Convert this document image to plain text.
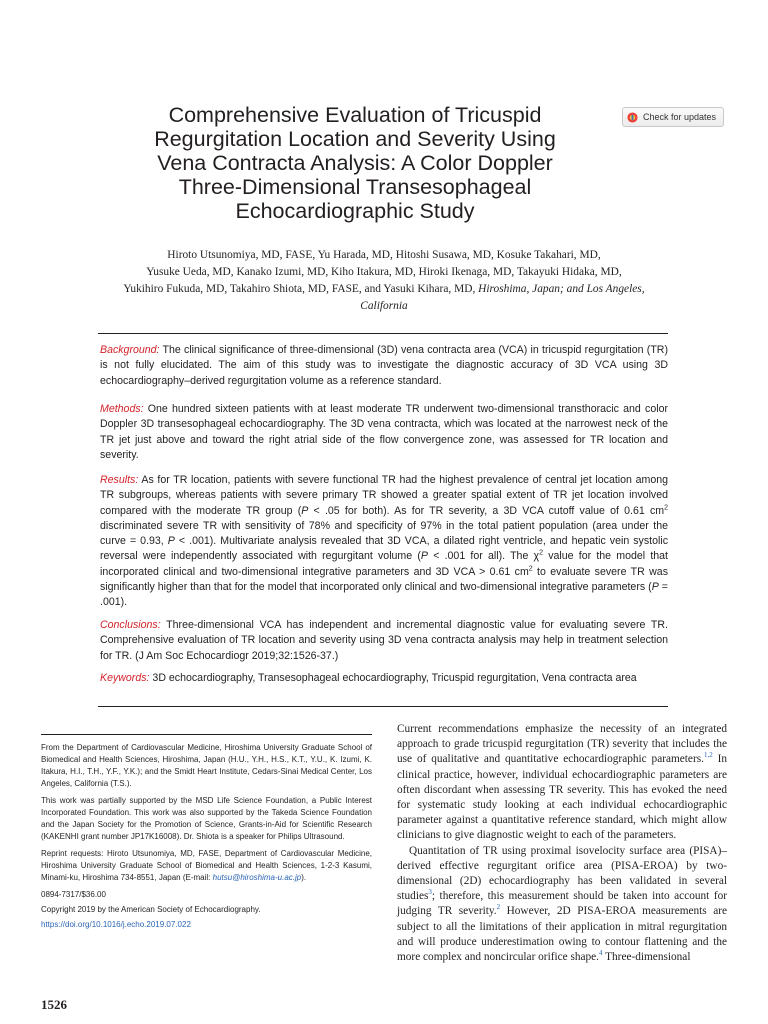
Comprehensive Evaluation of Tricuspid
Regurgitation Location and Severity Using
Vena Contracta Analysis: A Color Doppler
Three-Dimensional Transesophageal
Echocardiographic Study
Check for updates
Hiroto Utsunomiya, MD, FASE, Yu Harada, MD, Hitoshi Susawa, MD, Kosuke Takahari, MD,
Yusuke Ueda, MD, Kanako Izumi, MD, Kiho Itakura, MD, Hiroki Ikenaga, MD, Takayuki Hidaka, MD,
Yukihiro Fukuda, MD, Takahiro Shiota, MD, FASE, and Yasuki Kihara, MD, Hiroshima, Japan; and Los Angeles,
California

Background: The clinical significance of three-dimensional (3D) vena contracta area (VCA) in tricuspid regurgitation (TR) is not fully elucidated. The aim of this study was to investigate the diagnostic accuracy of 3D VCA using 3D echocardiography–derived regurgitation volume as a reference standard.

Methods: One hundred sixteen patients with at least moderate TR underwent two-dimensional transthoracic and color Doppler 3D transesophageal echocardiography. The 3D vena contracta, which was located at the narrowest neck of the TR jet just above and toward the right atrial side of the flow convergence zone, was assessed for TR location and severity.

Results: As for TR location, patients with severe functional TR had the highest prevalence of central jet location among TR subgroups, whereas patients with severe primary TR showed a greater spatial extent of TR jet location involved compared with the moderate TR group (P < .05 for both). As for TR severity, a 3D VCA cutoff value of 0.61 $cm^2$ discriminated severe TR with sensitivity of 78% and specificity of 97% in the total patient population (area under the curve = 0.93, P < .001). Multivariate analysis revealed that 3D VCA, a dilated right ventricle, and hepatic vein systolic reversal were independently associated with regurgitant volume (P < .001 for all). The $\chi^2$ value for the model that incorporated clinical and two-dimensional integrative parameters and 3D VCA > 0.61 $cm^2$ to evaluate severe TR was significantly higher than that for the model that incorporated only clinical and two-dimensional integrative parameters (P = .001).

Conclusions: Three-dimensional VCA has independent and incremental diagnostic value for evaluating severe TR. Comprehensive evaluation of TR location and severity using 3D vena contracta analysis may help in treatment selection for TR. (J Am Soc Echocardiogr 2019;32:1526-37.)

Keywords: 3D echocardiography, Transesophageal echocardiography, Tricuspid regurgitation, Vena contracta area

From the Department of Cardiovascular Medicine, Hiroshima University Graduate School of Biomedical and Health Sciences, Hiroshima, Japan (H.U., Y.H., H.S., K.T., Y.U., K. Izumi, K. Itakura, H.I., T.H., Y.F., Y.K.); and the Smidt Heart Institute, Cedars-Sinai Medical Center, Los Angeles, California (T.S.).

This work was partially supported by the MSD Life Science Foundation, a Public Interest Incorporated Foundation. This work was also supported by the Takeda Science Foundation and the Japan Society for the Promotion of Science, Grants-in-Aid for Scientific Research (KAKENHI grant number JP17K16008). Dr. Shiota is a speaker for Philips Ultrasound.

Reprint requests: Hiroto Utsunomiya, MD, FASE, Department of Cardiovascular Medicine, Hiroshima University Graduate School of Biomedical and Health Sciences, 1-2-3 Kasumi, Minami-ku, Hiroshima 734-8551, Japan (E-mail: hutsu@hiroshima-u.ac.jp).

0894-7317/$36.00

Copyright 2019 by the American Society of Echocardiography.

https://doi.org/10.1016/j.echo.2019.07.022

1526

Current recommendations emphasize the necessity of an integrated approach to grade tricuspid regurgitation (TR) severity that includes the use of qualitative and quantitative echocardiographic parameters.$^{1,2}$ In clinical practice, however, individual echocardiographic parameters are often discordant when assessing TR severity. This has evoked the need for systematic study looking at each individual echocardiographic parameter against a quantitative reference standard, which might allow clinicians to give diagnostic weight to each of the parameters.

Quantitation of TR using proximal isovelocity surface area (PISA)–derived effective regurgitant orifice area (PISA-EROA) by two-dimensional (2D) echocardiography has been validated in several studies$^3$; therefore, this measurement should be taken into account for judging TR severity.$^2$ However, 2D PISA-EROA measurements are subject to all the limitations of their application in mitral regurgitation and will produce underestimation owing to contour flattening and the more complex and noncircular orifice shape.$^4$ Three-dimensional
